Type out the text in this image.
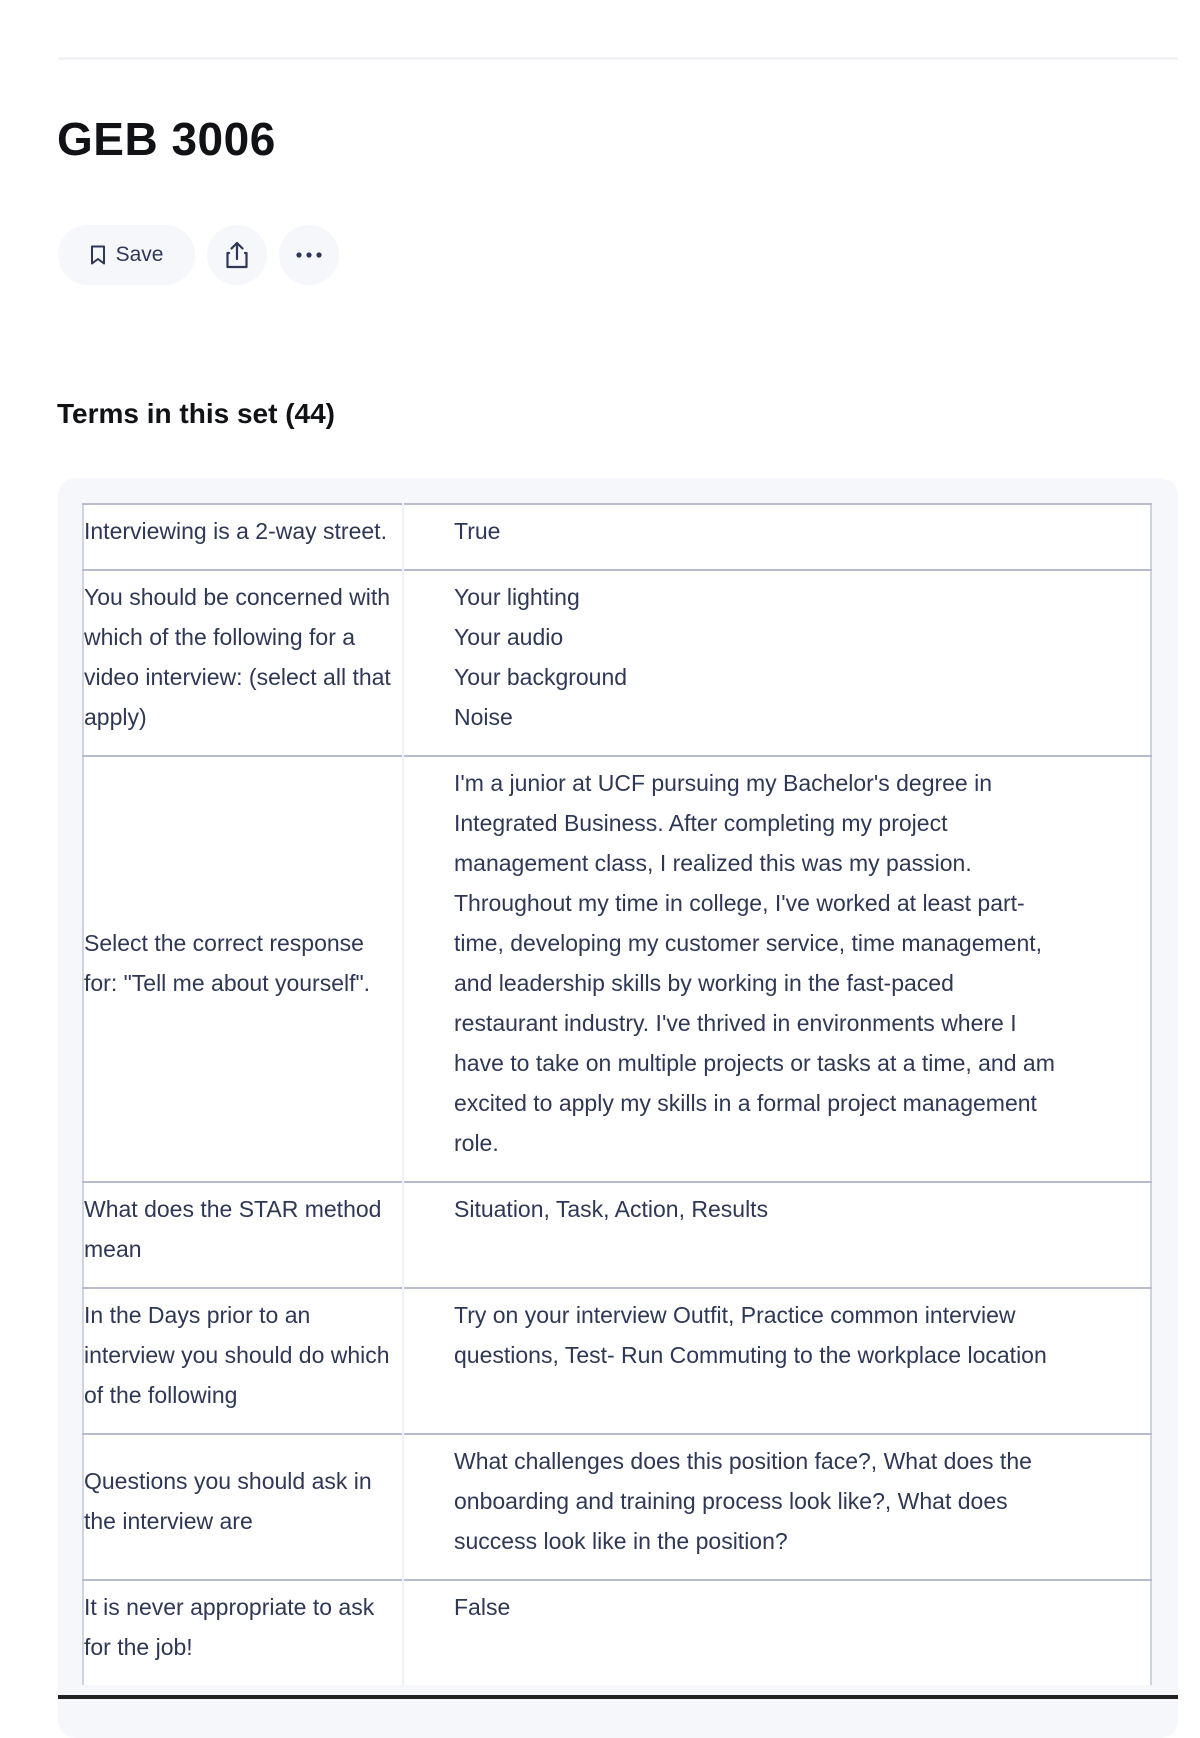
GEB 3006
Save
Terms in this set (44)
Interviewing is a 2-way street.	True

You should be concerned with which of the following for a video interview: (select all that apply)	Your lighting
Your audio
Your background
Noise

Select the correct response for: "Tell me about yourself".	I'm a junior at UCF pursuing my Bachelor's degree in Integrated Business. After completing my project management class, I realized this was my passion. Throughout my time in college, I've worked at least part-time, developing my customer service, time management, and leadership skills by working in the fast-paced restaurant industry. I've thrived in environments where I have to take on multiple projects or tasks at a time, and am excited to apply my skills in a formal project management role.

What does the STAR method mean	Situation, Task, Action, Results

In the Days prior to an interview you should do which of the following	Try on your interview Outfit, Practice common interview questions, Test- Run Commuting to the workplace location

Questions you should ask in the interview are	What challenges does this position face?, What does the onboarding and training process look like?, What does success look like in the position?

It is never appropriate to ask for the job!	False
